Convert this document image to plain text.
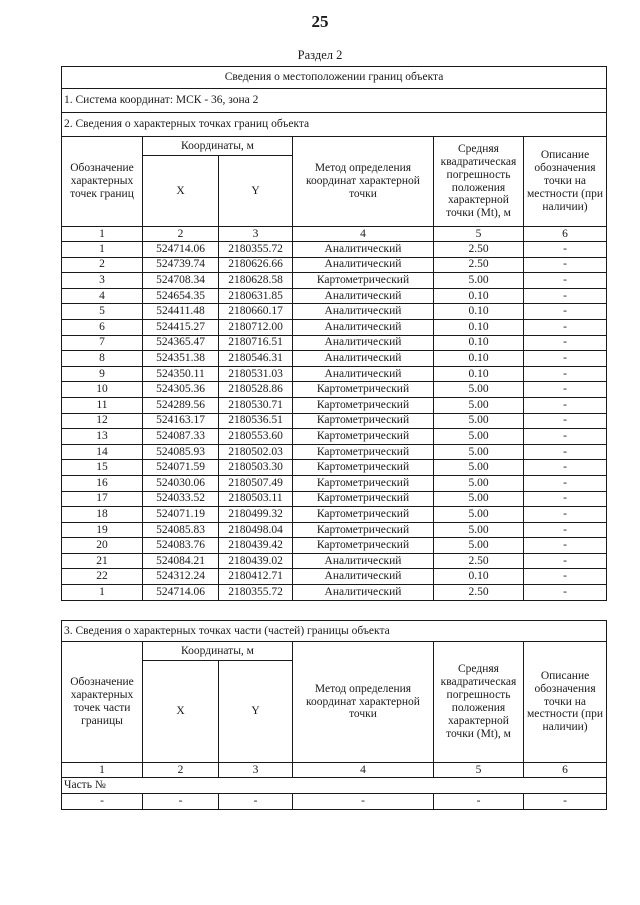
25
Раздел 2
Сведения о местоположении границ объекта					
1. Система координат: МСК - 36, зона 2					
2. Сведения о характерных точках границ объекта					
Обозначение характерных точек границ	Координаты, м		Метод определения координат характерной точки	Средняя квадратическая погрешность положения характерной точки (Mt), м	Описание обозначения точки на местности (при наличии)
	X	Y			
1	2	3	4	5	6
1	524714.06	2180355.72	Аналитический	2.50	-
2	524739.74	2180626.66	Аналитический	2.50	-
3	524708.34	2180628.58	Картометрический	5.00	-
4	524654.35	2180631.85	Аналитический	0.10	-
5	524411.48	2180660.17	Аналитический	0.10	-
6	524415.27	2180712.00	Аналитический	0.10	-
7	524365.47	2180716.51	Аналитический	0.10	-
8	524351.38	2180546.31	Аналитический	0.10	-
9	524350.11	2180531.03	Аналитический	0.10	-
10	524305.36	2180528.86	Картометрический	5.00	-
11	524289.56	2180530.71	Картометрический	5.00	-
12	524163.17	2180536.51	Картометрический	5.00	-
13	524087.33	2180553.60	Картометрический	5.00	-
14	524085.93	2180502.03	Картометрический	5.00	-
15	524071.59	2180503.30	Картометрический	5.00	-
16	524030.06	2180507.49	Картометрический	5.00	-
17	524033.52	2180503.11	Картометрический	5.00	-
18	524071.19	2180499.32	Картометрический	5.00	-
19	524085.83	2180498.04	Картометрический	5.00	-
20	524083.76	2180439.42	Картометрический	5.00	-
21	524084.21	2180439.02	Аналитический	2.50	-
22	524312.24	2180412.71	Аналитический	0.10	-
1	524714.06	2180355.72	Аналитический	2.50	-
3. Сведения о характерных точках части (частей) границы объекта					
Обозначение характерных точек части границы	Координаты, м		Метод определения координат характерной точки	Средняя квадратическая погрешность положения характерной точки (Mt), м	Описание обозначения точки на местности (при наличии)
	X	Y			
1	2	3	4	5	6
Часть №					
-	-	-	-	-	-
